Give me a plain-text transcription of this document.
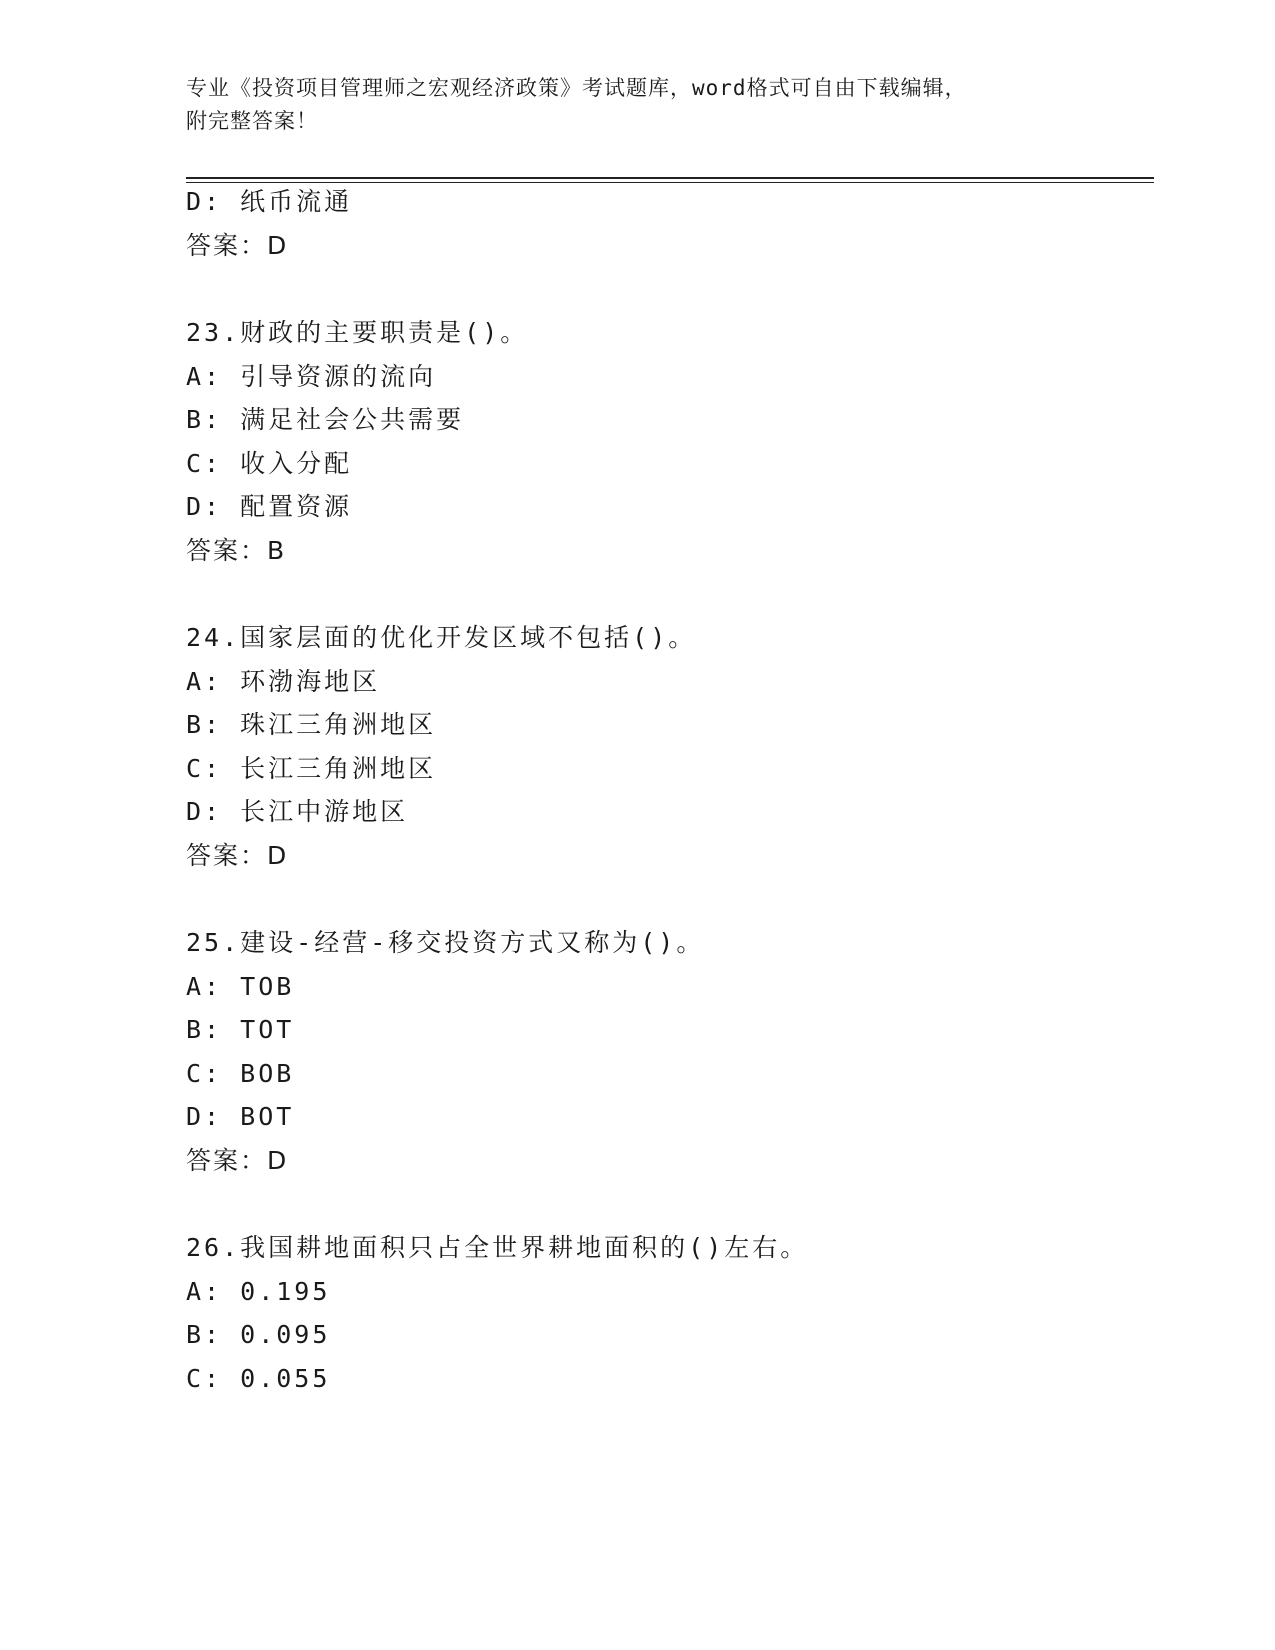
专业《投资项目管理师之宏观经济政策》考试题库，word格式可自由下载编辑，
附完整答案！
D: 纸币流通
答案：D
23.财政的主要职责是()。
A: 引导资源的流向
B: 满足社会公共需要
C: 收入分配
D: 配置资源
答案：B
24.国家层面的优化开发区域不包括()。
A: 环渤海地区
B: 珠江三角洲地区
C: 长江三角洲地区
D: 长江中游地区
答案：D
25.建设-经营-移交投资方式又称为()。
A: TOB
B: TOT
C: BOB
D: BOT
答案：D
26.我国耕地面积只占全世界耕地面积的()左右。
A: 0.195
B: 0.095
C: 0.055
